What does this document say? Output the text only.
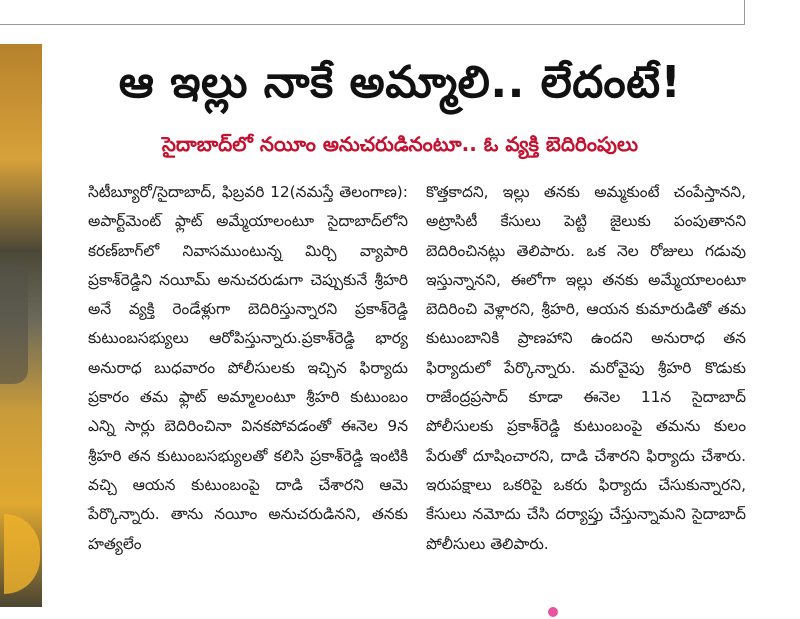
ఆ ఇల్లు నాకే అమ్మాలి.. లేదంటే!
సైదాబాద్‌లో నయీం అనుచరుడినంటూ.. ఓ వ్యక్తి బెదిరింపులు

సిటీబ్యూరో/సైదాబాద్, ఫిబ్రవరి 12(నమస్తే తెలంగాణ): అపార్ట్‌మెంట్ ఫ్లాట్ అమ్మేయాలంటూ సైదాబాద్‌లోని కరణ్‌బాగ్‌లో నివాసముంటున్న మిర్చి వ్యాపారి ప్రకాశ్‌రెడ్డిని నయీమ్ అనుచరుడుగా చెప్పుకునే శ్రీహరి అనే వ్యక్తి రెండేళ్లుగా బెదిరిస్తున్నారని ప్రకాశ్‌రెడ్డి కుటుంబసభ్యులు ఆరోపిస్తున్నారు.ప్రకాశ్‌రెడ్డి భార్య అనురాధ బుధవారం పోలీసులకు ఇచ్చిన ఫిర్యాదు ప్రకారం తమ ఫ్లాట్ అమ్మాలంటూ శ్రీహరి కుటుంబం ఎన్ని సార్లు బెదిరించినా వినకపోవడంతో ఈనెల 9న శ్రీహరి తన కుటుంబసభ్యులతో కలిసి ప్రకాశ్‌రెడ్డి ఇంటికి వచ్చి ఆయన కుటుంబంపై దాడి చేశారని ఆమె పేర్కొన్నారు. తాను నయీం అనుచరుడినని, తనకు హత్యలేం

కొత్తకాదని, ఇల్లు తనకు అమ్మకుంటే చంపేస్తానని, అట్రాసిటీ కేసులు పెట్టి జైలుకు పంపుతానని బెదిరించినట్లు తెలిపారు. ఒక నెల రోజులు గడువు ఇస్తున్నానని, ఈలోగా ఇల్లు తనకు అమ్మేయాలంటూ బెదిరించి వెళ్లారని, శ్రీహరి, ఆయన కుమారుడితో తమ కుటుంబానికి ప్రాణహాని ఉందని అనురాధ తన ఫిర్యాదులో పేర్కొన్నారు. మరోవైపు శ్రీహరి కొడుకు రాజేంద్రప్రసాద్ కూడా ఈనెల 11న సైదాబాద్ పోలీసులకు ప్రకాశ్‌రెడ్డి కుటుంబంపై తమను కులం పేరుతో దూషించారని, దాడి చేశారని ఫిర్యాదు చేశారు. ఇరుపక్షాలు ఒకరిపై ఒకరు ఫిర్యాదు చేసుకున్నారని, కేసులు నమోదు చేసి దర్యాప్తు చేస్తున్నామని సైదాబాద్ పోలీసులు తెలిపారు.
